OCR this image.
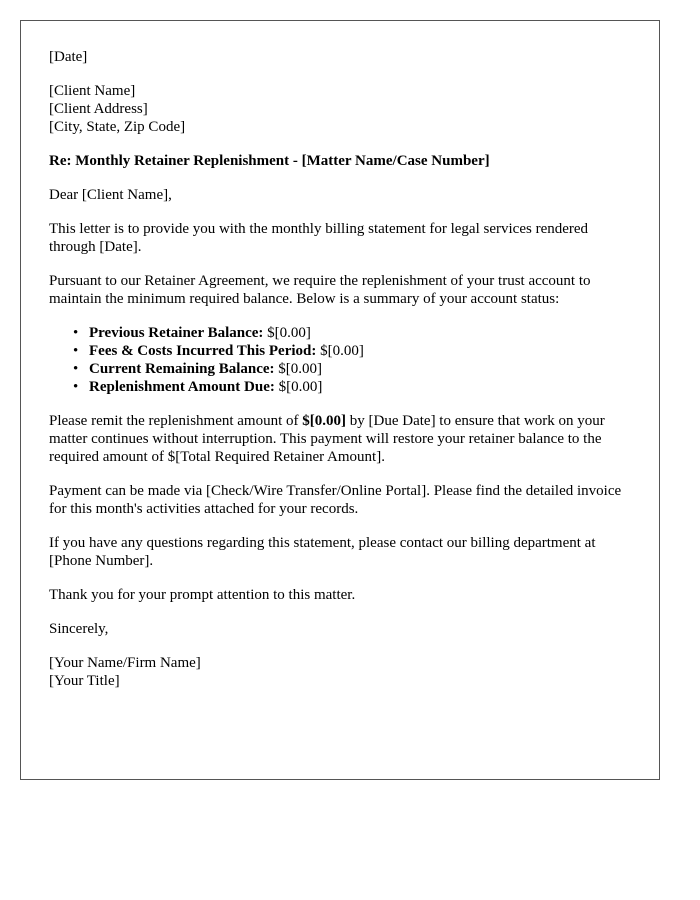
[Date]

[Client Name]
[Client Address]
[City, State, Zip Code]

Re: Monthly Retainer Replenishment - [Matter Name/Case Number]

Dear [Client Name],

This letter is to provide you with the monthly billing statement for legal services rendered through [Date].

Pursuant to our Retainer Agreement, we require the replenishment of your trust account to maintain the minimum required balance. Below is a summary of your account status:

• Previous Retainer Balance: $[0.00]
• Fees & Costs Incurred This Period: $[0.00]
• Current Remaining Balance: $[0.00]
• Replenishment Amount Due: $[0.00]

Please remit the replenishment amount of $[0.00] by [Due Date] to ensure that work on your matter continues without interruption. This payment will restore your retainer balance to the required amount of $[Total Required Retainer Amount].

Payment can be made via [Check/Wire Transfer/Online Portal]. Please find the detailed invoice for this month's activities attached for your records.

If you have any questions regarding this statement, please contact our billing department at [Phone Number].

Thank you for your prompt attention to this matter.

Sincerely,

[Your Name/Firm Name]
[Your Title]
